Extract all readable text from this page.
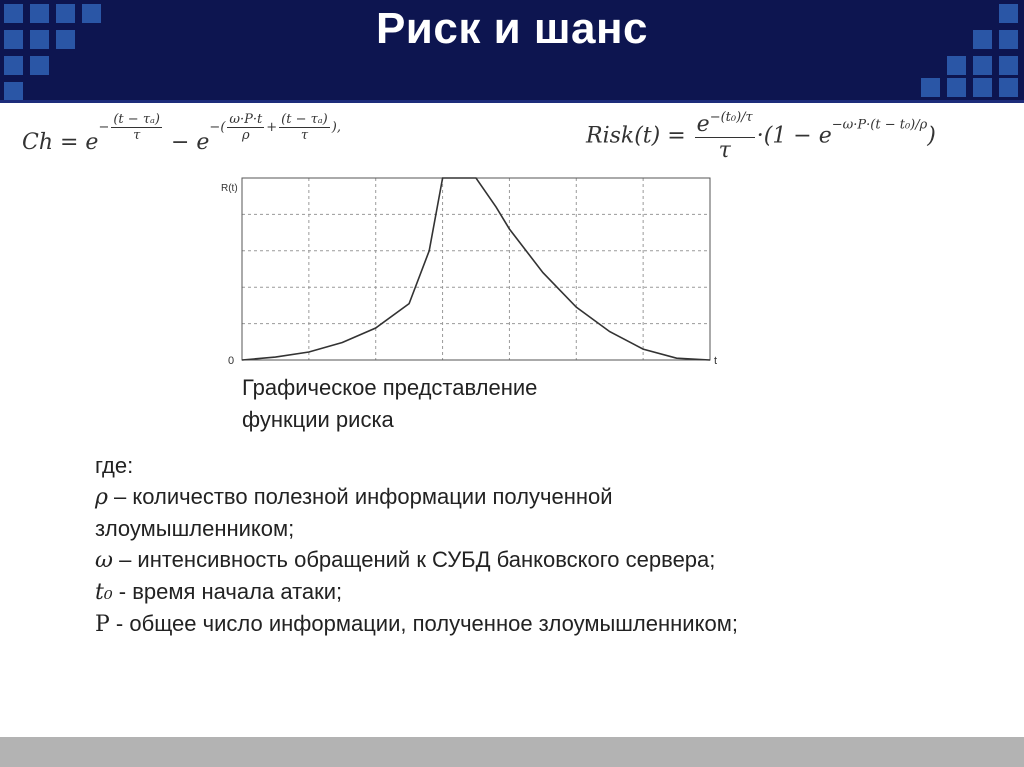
Риск и шанс
$Ch = e^{- \frac{\text{(t − τₐ)}}{\tau}} - e^{-( \frac{\omega\cdot P\cdot t}{\rho} + \frac{\text{(t − τₐ)}}{\tau} ),}$	Risk(t) = $\frac{e^{-(t_0)/\tau}}{\tau} \cdot(1 - e^{-\omega\cdot P\cdot(t - t_0)/\rho})$
R(t)
t
0
Графическое представление
функции риска
где:
ρ – количество полезной информации полученной
злоумышленником;
ω – интенсивность обращений к СУБД банковского сервера;
t₀ - время начала атаки;
P - общее число информации, полученное злоумышленником;
